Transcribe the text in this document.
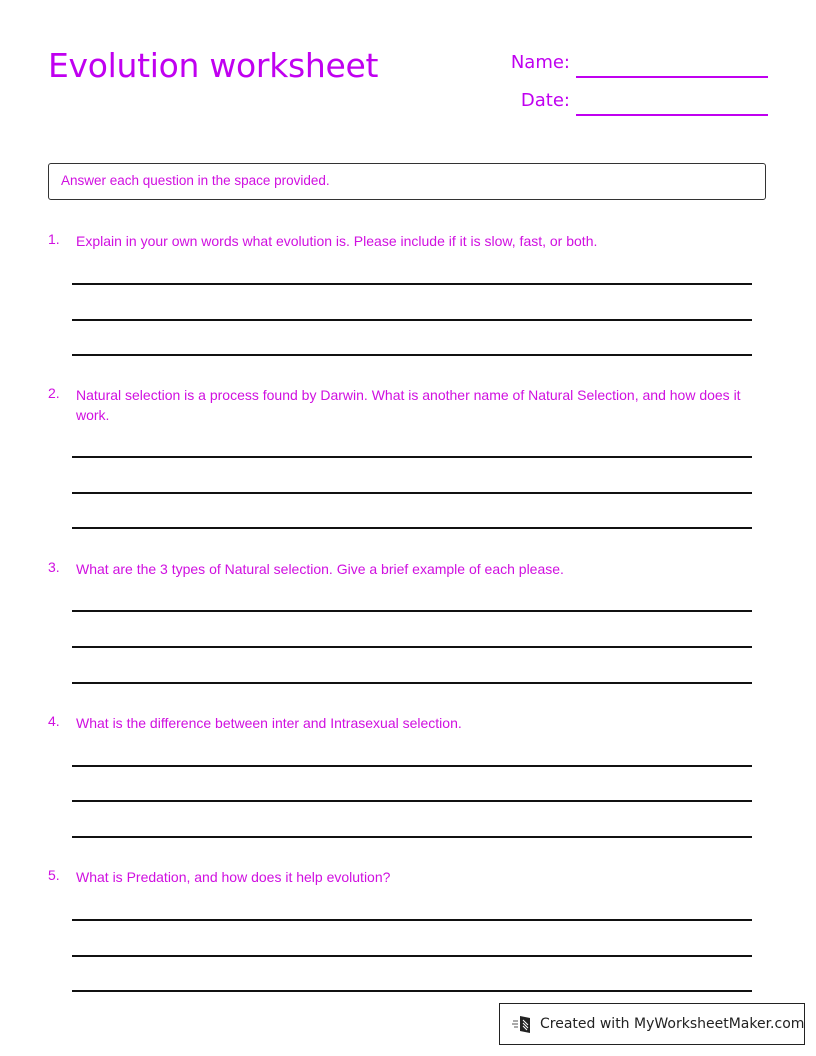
Evolution worksheet	Name:
Date:
Answer each question in the space provided.
1. Explain in your own words what evolution is. Please include if it is slow, fast, or both.
2. Natural selection is a process found by Darwin. What is another name of Natural Selection, and how does it work.
3. What are the 3 types of Natural selection. Give a brief example of each please.
4. What is the difference between inter and Intrasexual selection.
5. What is Predation, and how does it help evolution?
Created with MyWorksheetMaker.com
